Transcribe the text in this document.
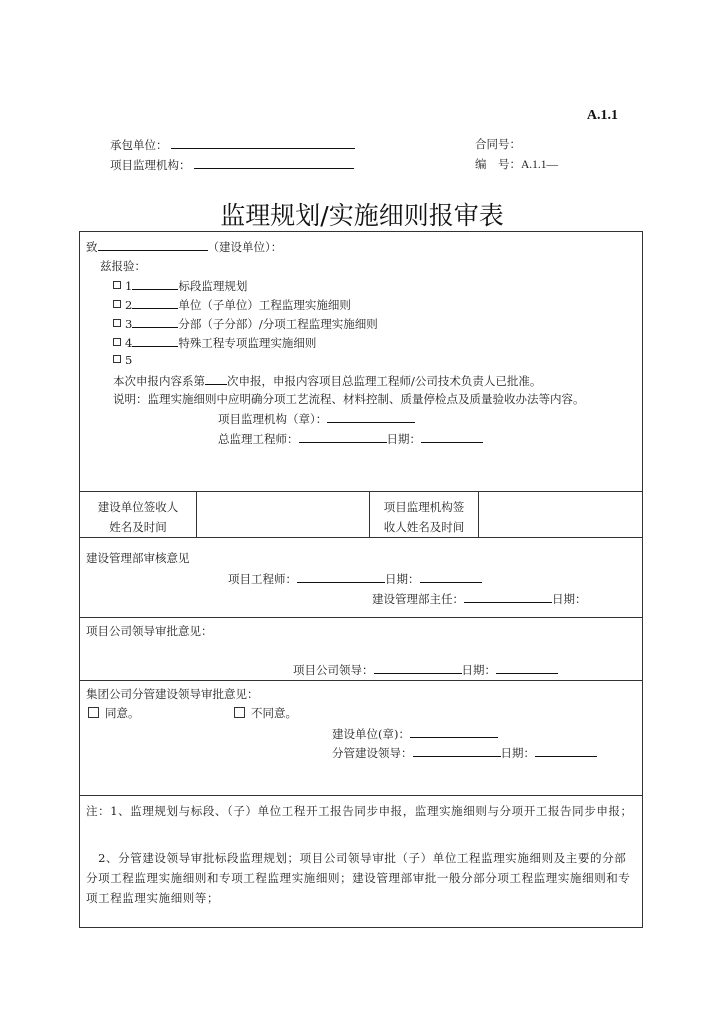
A.1.1
承包单位：
项目监理机构：
合同号：
编　号：A.1.1—
监理规划/实施细则报审表
致	（建设单位）：
兹报验：
1	标段监理规划
2	单位（子单位）工程监理实施细则
3	分部（子分部）/分项工程监理实施细则
4	特殊工程专项监理实施细则
5
本次申报内容系第 次申报，申报内容项目总监理工程师/公司技术负责人已批准。
说明：监理实施细则中应明确分项工艺流程、材料控制、质量停检点及质量验收办法等内容。
项目监理机构（章）：
总监理工程师：	日期：
建设单位签收人
姓名及时间
项目监理机构签
收人姓名及时间
建设管理部审核意见
项目工程师：	日期：
建设管理部主任：	日期：
项目公司领导审批意见：
项目公司领导：	日期：
集团公司分管建设领导审批意见：
同意。	不同意。
建设单位(章)：
分管建设领导：	日期：
注：1、监理规划与标段、（子）单位工程开工报告同步申报，监理实施细则与分项开工报告同步申报；
　2、分管建设领导审批标段监理规划；项目公司领导审批（子）单位工程监理实施细则及主要的分部分项工程监理实施细则和专项工程监理实施细则；建设管理部审批一般分部分项工程监理实施细则和专项工程监理实施细则等；
